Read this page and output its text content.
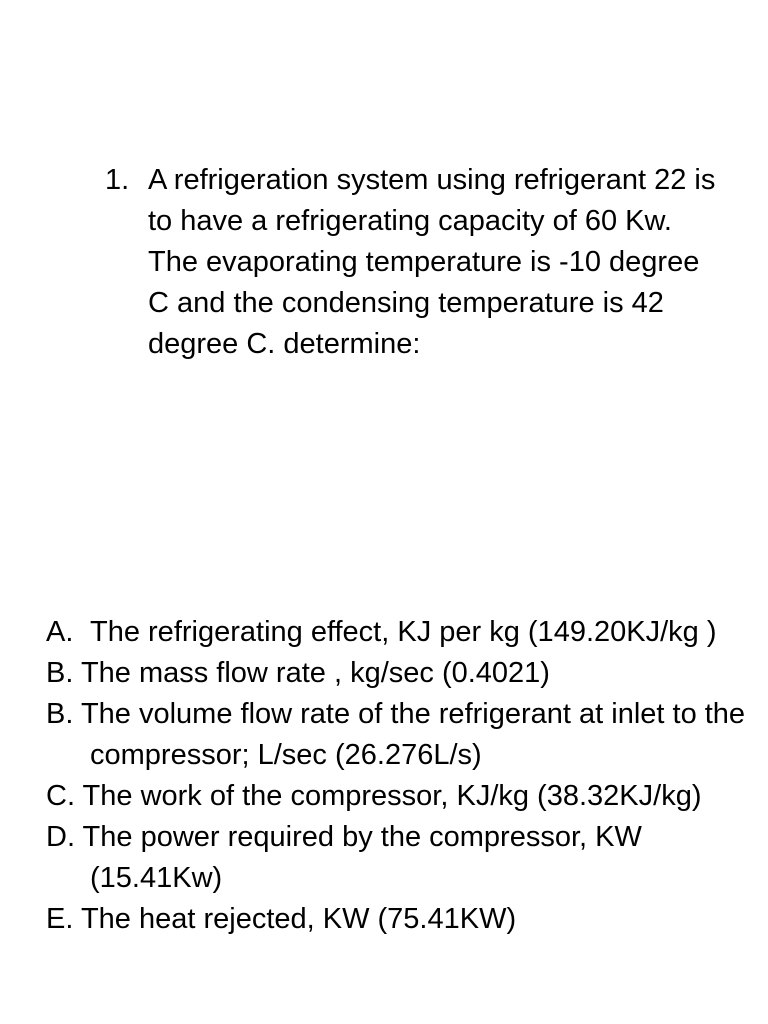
1. A refrigeration system using refrigerant 22 is to have a refrigerating capacity of 60 Kw. The evaporating temperature is -10 degree C and the condensing temperature is 42 degree C. determine:
A. The refrigerating effect, KJ per kg (149.20KJ/kg )
B. The mass flow rate , kg/sec (0.4021)
B. The volume flow rate of the refrigerant at inlet to the compressor; L/sec (26.276L/s)
C. The work of the compressor, KJ/kg (38.32KJ/kg)
D. The power required by the compressor, KW (15.41Kw)
E. The heat rejected, KW (75.41KW)
